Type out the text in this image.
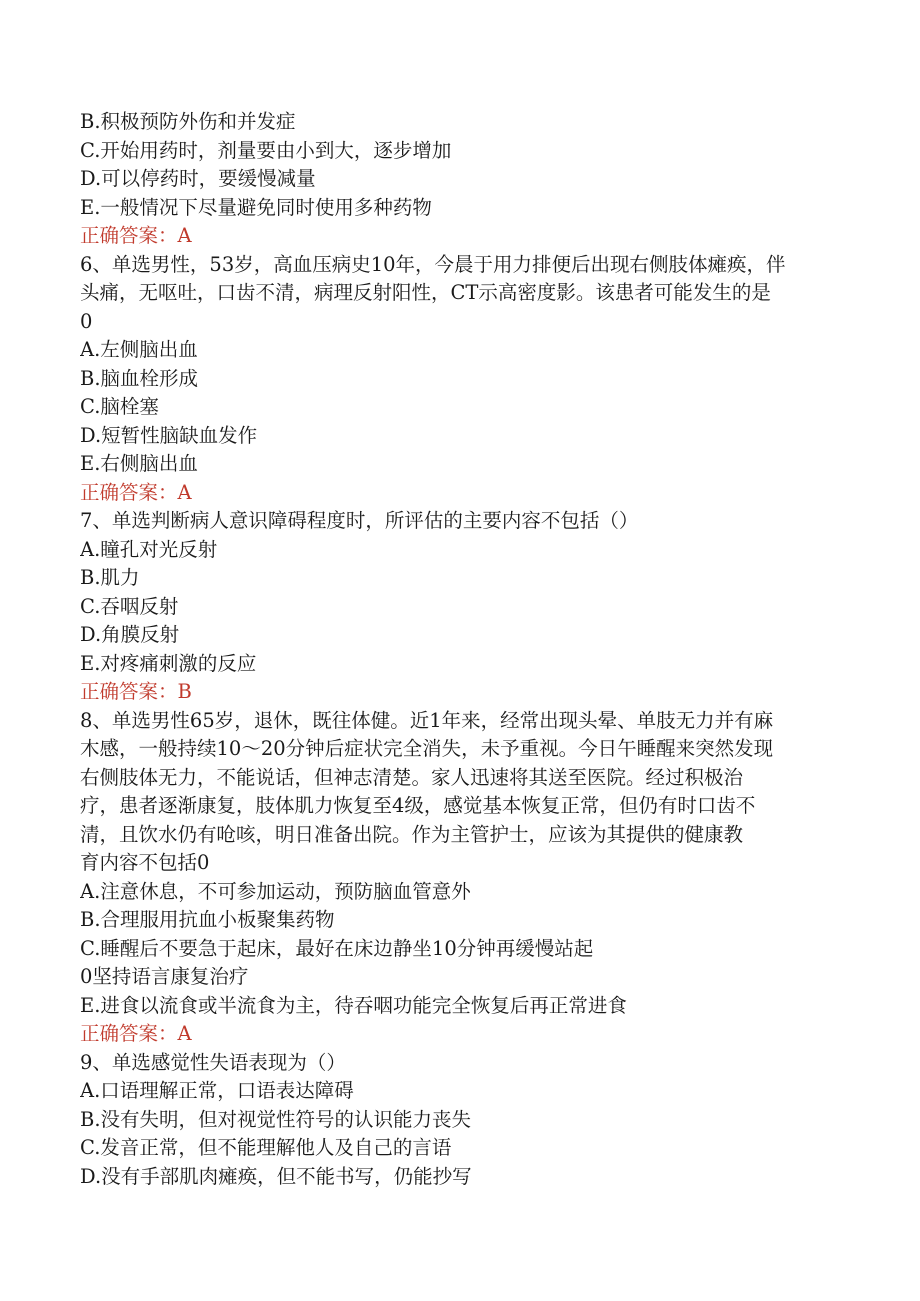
B.积极预防外伤和并发症
C.开始用药时，剂量要由小到大，逐步增加
D.可以停药时，要缓慢减量
E.一般情况下尽量避免同时使用多种药物
正确答案：A
6、单选男性，53岁，高血压病史10年，今晨于用力排便后出现右侧肢体瘫痪，伴
头痛，无呕吐，口齿不清，病理反射阳性，CT示高密度影。该患者可能发生的是
0
A.左侧脑出血
B.脑血栓形成
C.脑栓塞
D.短暂性脑缺血发作
E.右侧脑出血
正确答案：A
7、单选判断病人意识障碍程度时，所评估的主要内容不包括（）
A.瞳孔对光反射
B.肌力
C.吞咽反射
D.角膜反射
E.对疼痛刺激的反应
正确答案：B
8、单选男性65岁，退休，既往体健。近1年来，经常出现头晕、单肢无力并有麻
木感，一般持续10～20分钟后症状完全消失，未予重视。今日午睡醒来突然发现
右侧肢体无力，不能说话，但神志清楚。家人迅速将其送至医院。经过积极治
疗，患者逐渐康复，肢体肌力恢复至4级，感觉基本恢复正常，但仍有时口齿不
清，且饮水仍有呛咳，明日准备出院。作为主管护士，应该为其提供的健康教
育内容不包括0
A.注意休息，不可参加运动，预防脑血管意外
B.合理服用抗血小板聚集药物
C.睡醒后不要急于起床，最好在床边静坐10分钟再缓慢站起
0坚持语言康复治疗
E.进食以流食或半流食为主，待吞咽功能完全恢复后再正常进食
正确答案：A
9、单选感觉性失语表现为（）
A.口语理解正常，口语表达障碍
B.没有失明，但对视觉性符号的认识能力丧失
C.发音正常，但不能理解他人及自己的言语
D.没有手部肌肉瘫痪，但不能书写，仍能抄写
